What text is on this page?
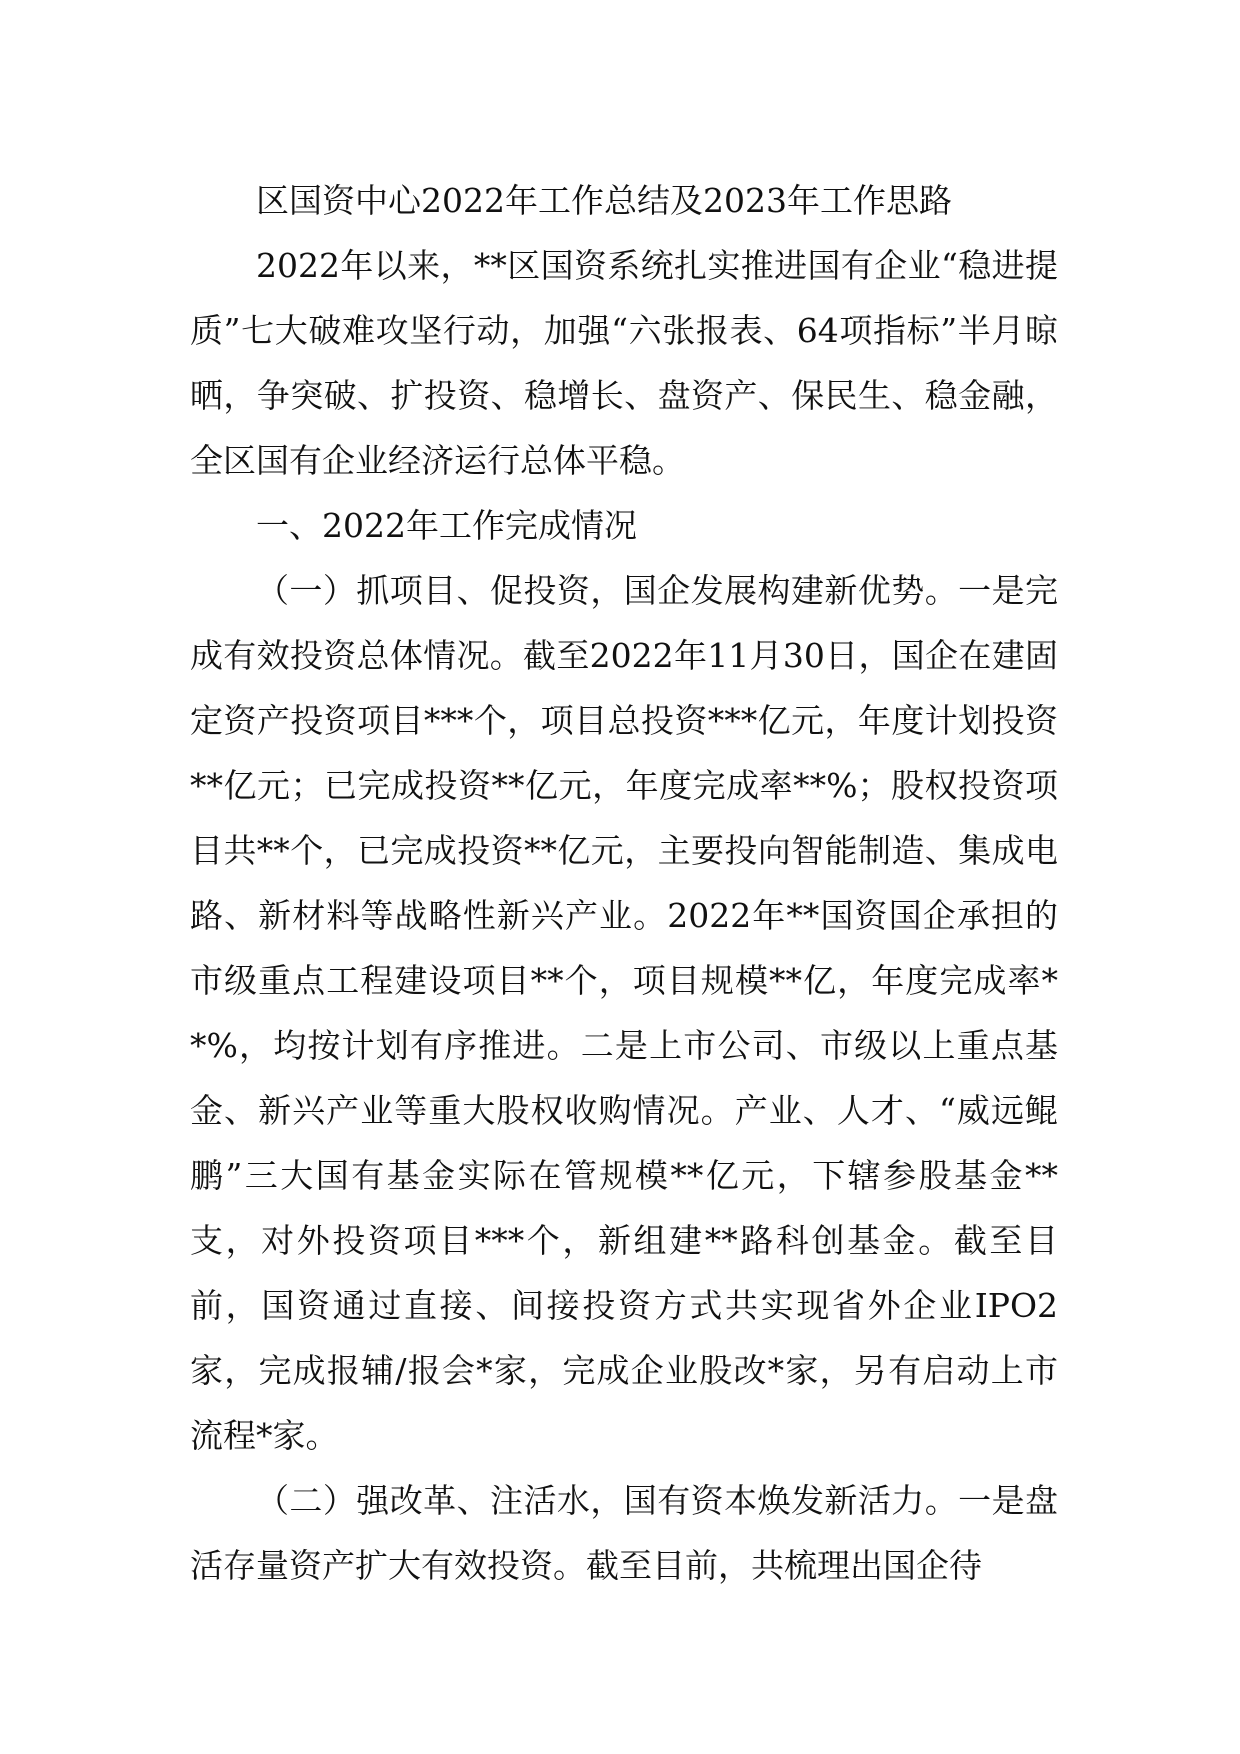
区国资中心2022年工作总结及2023年工作思路

2022年以来，**区国资系统扎实推进国有企业“稳进提质”七大破难攻坚行动，加强“六张报表、64项指标”半月晾晒，争突破、扩投资、稳增长、盘资产、保民生、稳金融，全区国有企业经济运行总体平稳。

一、2022年工作完成情况

（一）抓项目、促投资，国企发展构建新优势。一是完成有效投资总体情况。截至2022年11月30日，国企在建固定资产投资项目***个，项目总投资***亿元，年度计划投资**亿元；已完成投资**亿元，年度完成率**%；股权投资项目共**个，已完成投资**亿元，主要投向智能制造、集成电路、新材料等战略性新兴产业。2022年**国资国企承担的市级重点工程建设项目**个，项目规模**亿，年度完成率**%，均按计划有序推进。二是上市公司、市级以上重点基金、新兴产业等重大股权收购情况。产业、人才、“威远鲲鹏”三大国有基金实际在管规模**亿元，下辖参股基金**支，对外投资项目***个，新组建**路科创基金。截至目前，国资通过直接、间接投资方式共实现省外企业IPO2家，完成报辅/报会*家，完成企业股改*家，另有启动上市流程*家。

（二）强改革、注活水，国有资本焕发新活力。一是盘活存量资产扩大有效投资。截至目前，共梳理出国企待
